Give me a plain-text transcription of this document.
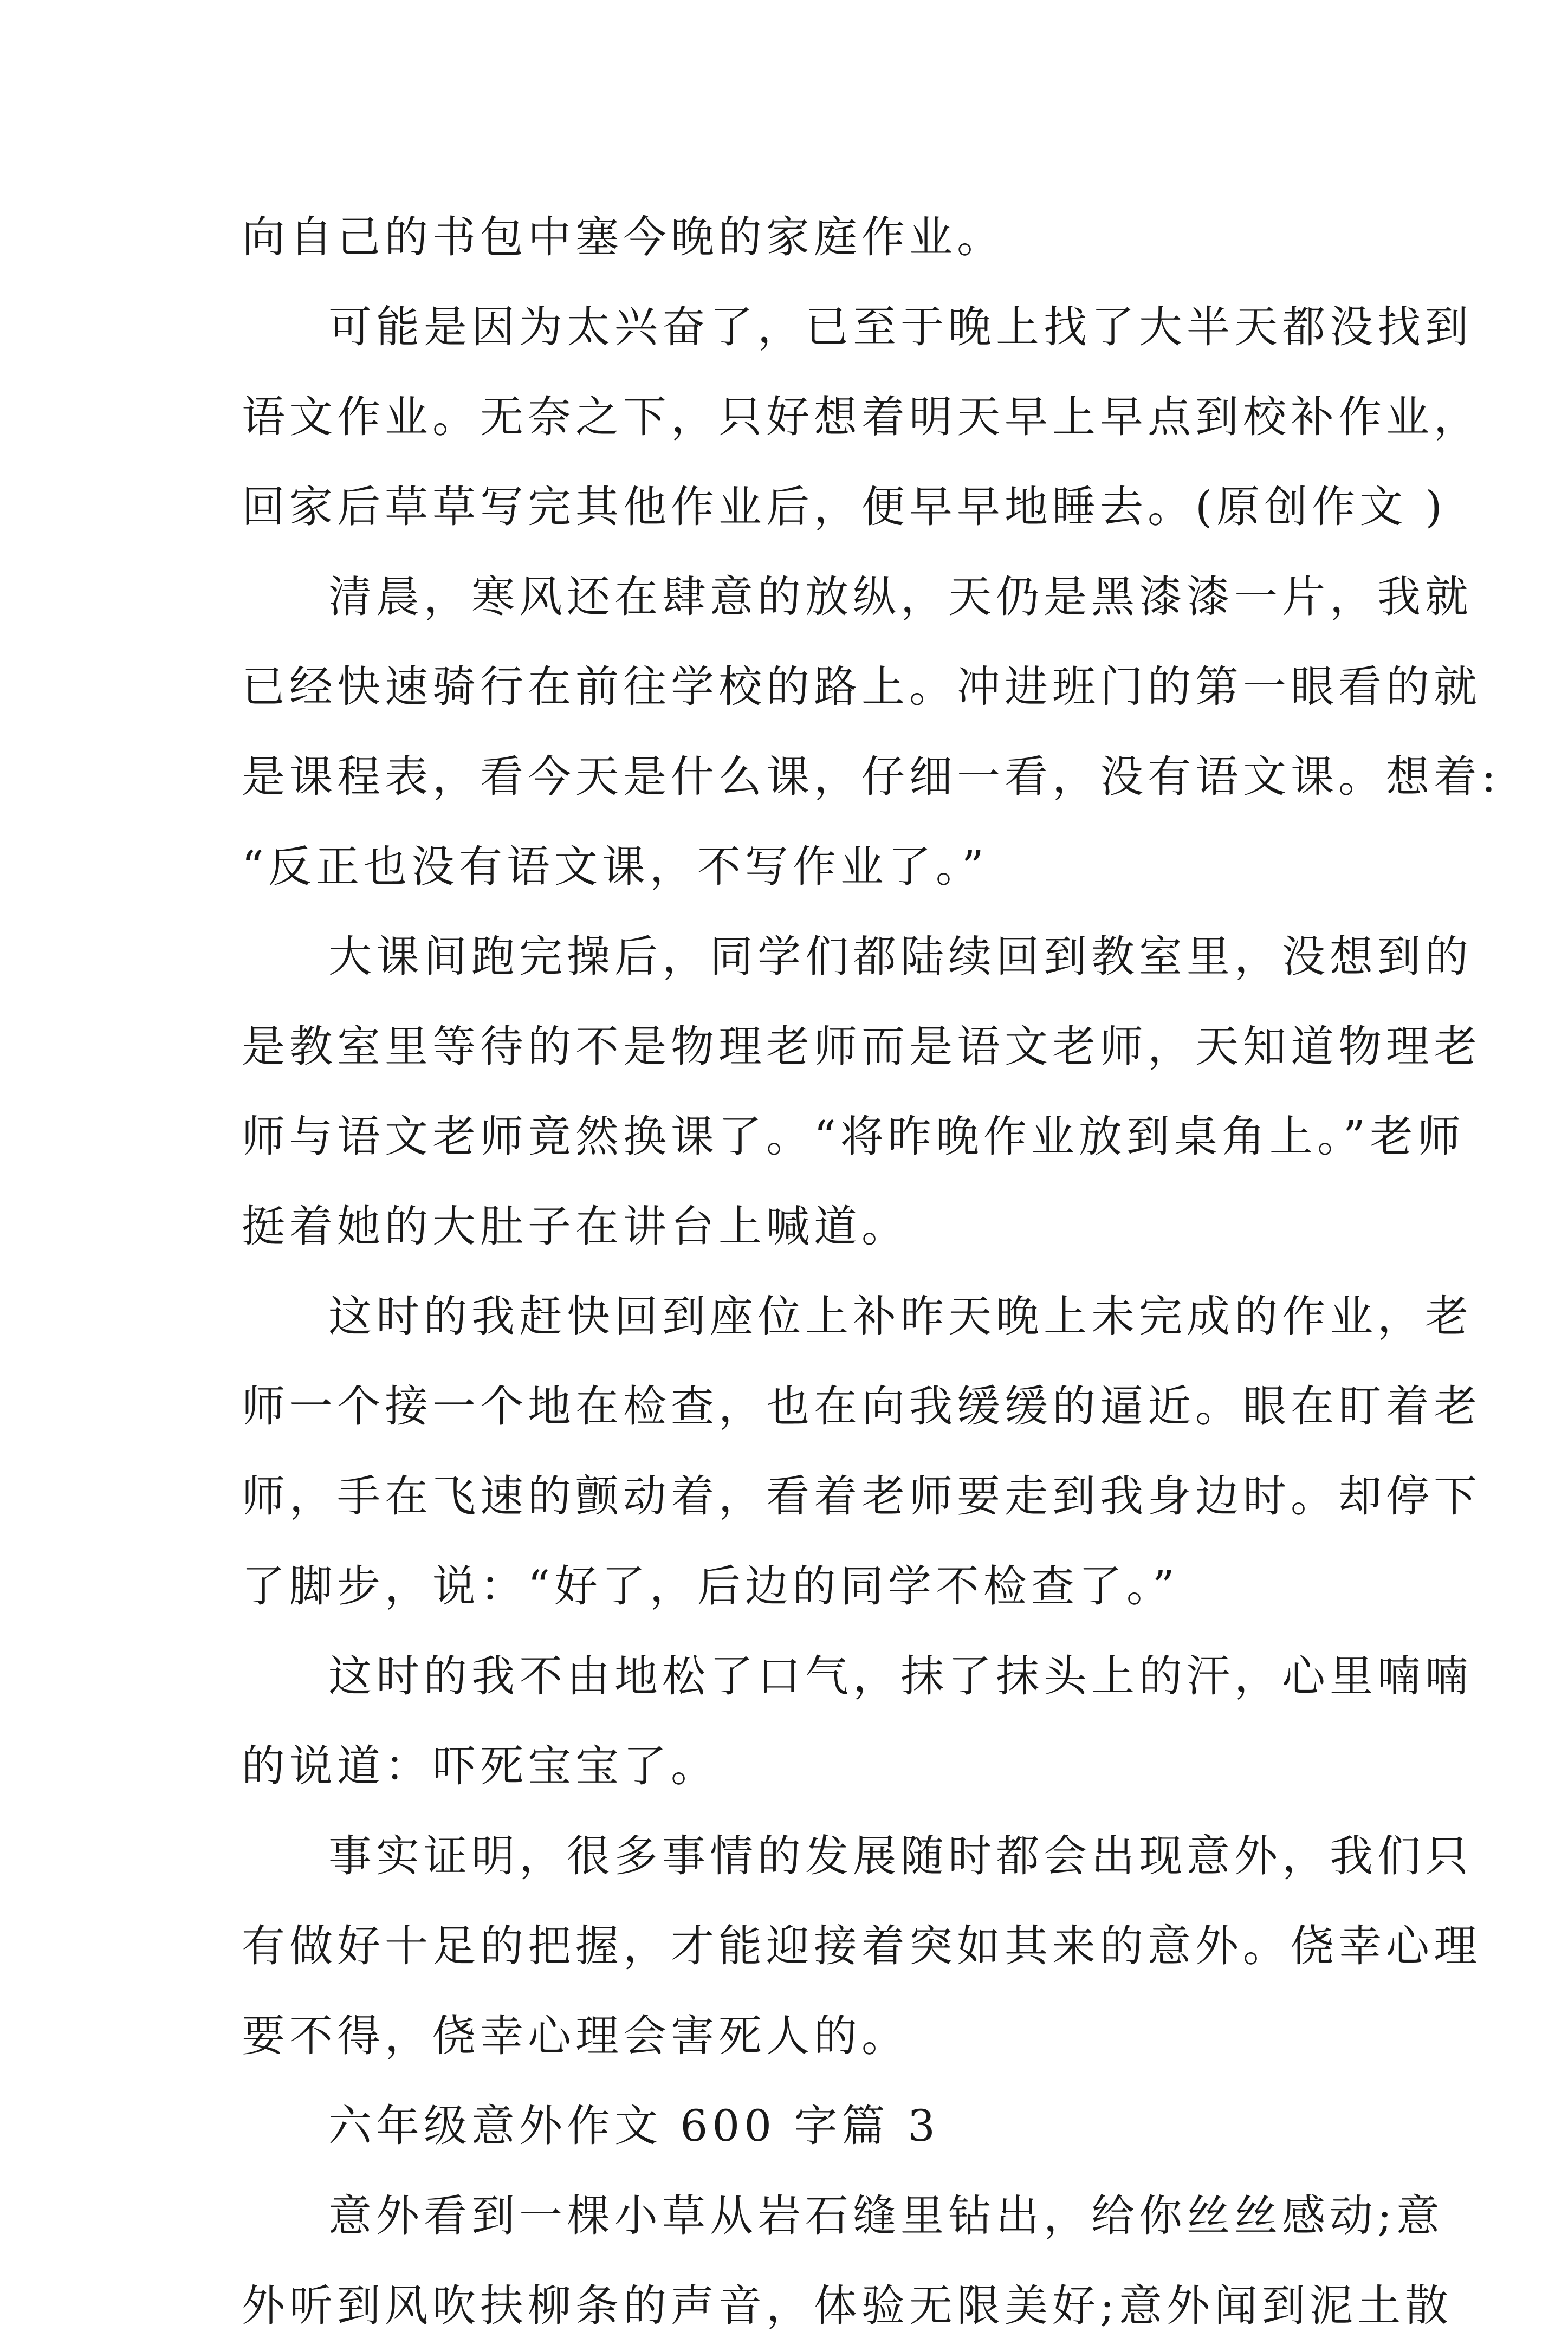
向自己的书包中塞今晚的家庭作业。
可能是因为太兴奋了，已至于晚上找了大半天都没找到
语文作业。无奈之下，只好想着明天早上早点到校补作业，
回家后草草写完其他作业后，便早早地睡去。(原创作文 )
清晨，寒风还在肆意的放纵，天仍是黑漆漆一片，我就
已经快速骑行在前往学校的路上。冲进班门的第一眼看的就
是课程表，看今天是什么课，仔细一看，没有语文课。想着:
“反正也没有语文课，不写作业了。”
大课间跑完操后，同学们都陆续回到教室里，没想到的
是教室里等待的不是物理老师而是语文老师，天知道物理老
师与语文老师竟然换课了。“将昨晚作业放到桌角上。”老师
挺着她的大肚子在讲台上喊道。
这时的我赶快回到座位上补昨天晚上未完成的作业，老
师一个接一个地在检查，也在向我缓缓的逼近。眼在盯着老
师，手在飞速的颤动着，看着老师要走到我身边时。却停下
了脚步，说：“好了，后边的同学不检查了。”
这时的我不由地松了口气，抹了抹头上的汗，心里喃喃
的说道：吓死宝宝了。
事实证明，很多事情的发展随时都会出现意外，我们只
有做好十足的把握，才能迎接着突如其来的意外。侥幸心理
要不得，侥幸心理会害死人的。
六年级意外作文 600 字篇 3
意外看到一棵小草从岩石缝里钻出，给你丝丝感动;意
外听到风吹扶柳条的声音，体验无限美好;意外闻到泥土散
